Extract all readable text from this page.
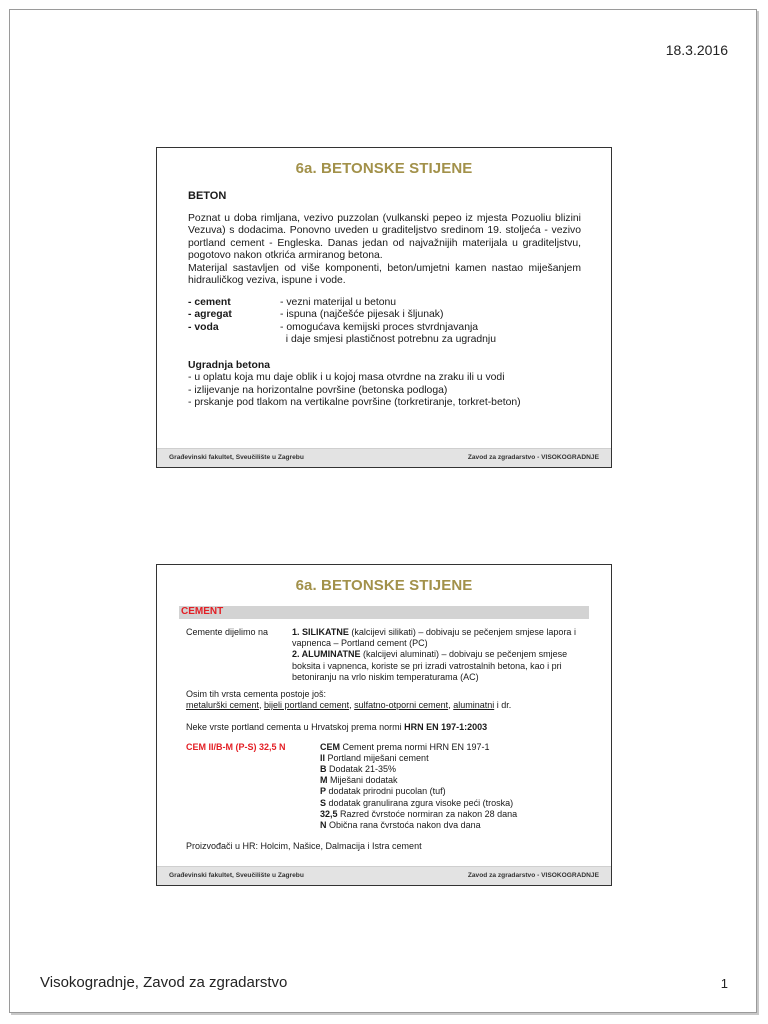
18.3.2016
6a. BETONSKE STIJENE
BETON
Poznat u doba rimljana, vezivo puzzolan (vulkanski pepeo iz mjesta Pozuoliu blizini Vezuva) s dodacima. Ponovno uveden u graditeljstvo sredinom 19. stoljeća - vezivo portland cement - Engleska. Danas jedan od najvažnijih materijala u graditeljstvu, pogotovo nakon otkrića armiranog betona.
Materijal sastavljen od više komponenti, beton/umjetni kamen nastao miješanjem hidrauličkog veziva, ispune i vode.
- cement	- vezni materijal u betonu
- agregat	- ispuna (najčešće pijesak i šljunak)
- voda	- omogućava kemijski proces stvrdnjavanja
i daje smjesi plastičnost potrebnu za ugradnju
Ugradnja betona
- u oplatu koja mu daje oblik i u kojoj masa otvrdne na zraku ili u vodi
- izlijevanje na horizontalne površine (betonska podloga)
- prskanje pod tlakom na vertikalne površine (torkretiranje, torkret-beton)
Građevinski fakultet, Sveučilište u Zagrebu	Zavod za zgradarstvo - VISOKOGRADNJE
6a. BETONSKE STIJENE
CEMENT
Cemente dijelimo na	1. SILIKATNE (kalcijevi silikati) – dobivaju se pečenjem smjese lapora i vapnenca – Portland cement (PC)
2. ALUMINATNE (kalcijevi aluminati) – dobivaju se pečenjem smjese boksita i vapnenca, koriste se pri izradi vatrostalnih betona, kao i pri betoniranju na vrlo niskim temperaturama (AC)
Osim tih vrsta cementa postoje još:
metalurški cement, bijeli portland cement, sulfatno-otporni cement, aluminatni i dr.
Neke vrste portland cementa u Hrvatskoj prema normi HRN EN 197-1:2003
CEM II/B-M (P-S) 32,5 N	CEM Cement prema normi HRN EN 197-1
II Portland miješani cement
B Dodatak 21-35%
M Miješani dodatak
P dodatak prirodni pucolan (tuf)
S dodatak granulirana zgura visoke peći (troska)
32,5 Razred čvrstoće normiran za nakon 28 dana
N Obična rana čvrstoća nakon dva dana
Proizvođači u HR: Holcim, Našice, Dalmacija i Istra cement
Građevinski fakultet, Sveučilište u Zagrebu	Zavod za zgradarstvo - VISOKOGRADNJE
Visokogradnje, Zavod za zgradarstvo	1
